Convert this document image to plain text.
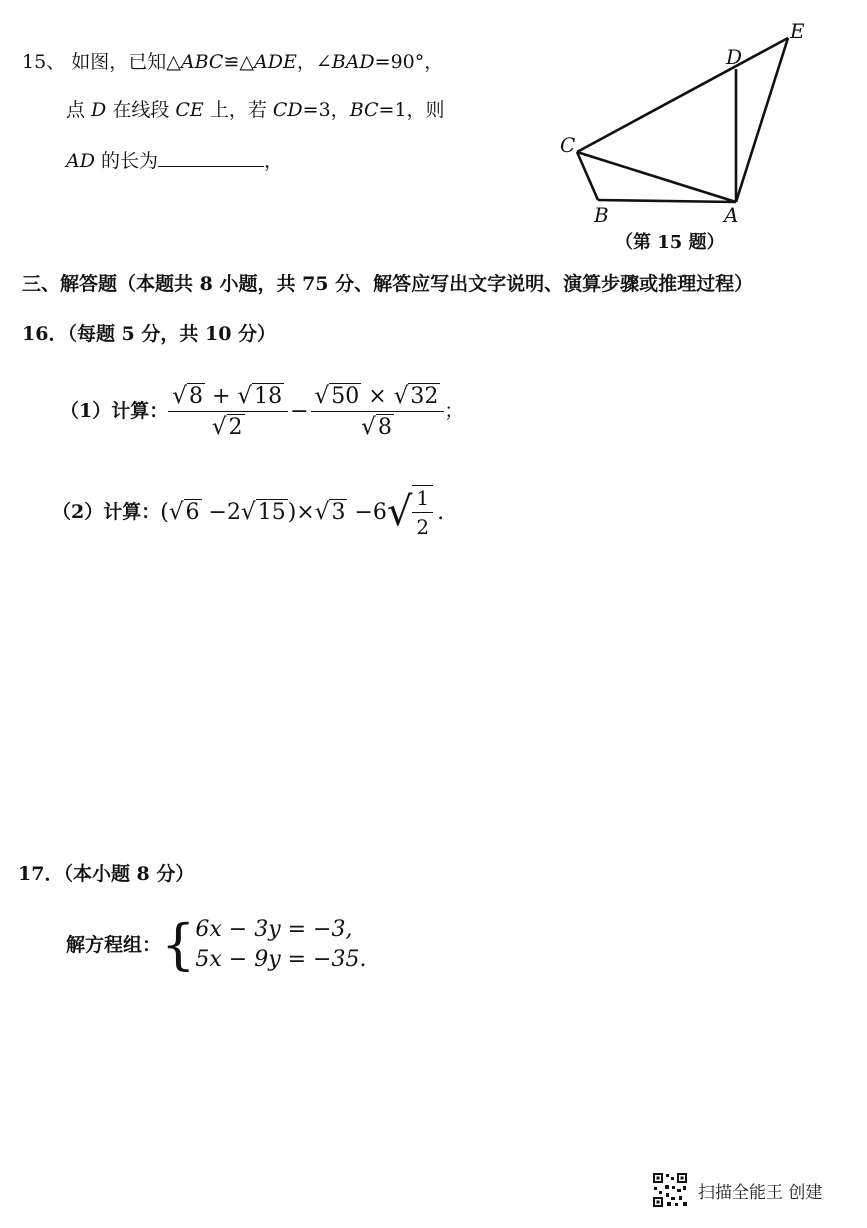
15、 如图，已知△ABC≌△ADE，∠BAD=90°，
点 D 在线段 CE 上，若 CD=3，BC=1，则
AD 的长为	，
C
D
E
B	A
（第 15 题）
三、解答题（本题共 8 小题，共 75 分、解答应写出文字说明、演算步骤或推理过程）
16．（每题 5 分，共 10 分）
（1）计算： $\frac{√8 + √18}{√2} - \frac{√50 \times √32}{√8}$ ；
（2）计算： (√6 −2√15)×√3 −6 √ $\frac{1}{2}$ .
17．（本小题 8 分）
解方程组： { 6x − 3y = −3,
5x − 9y = −35.
扫描全能王 创建
